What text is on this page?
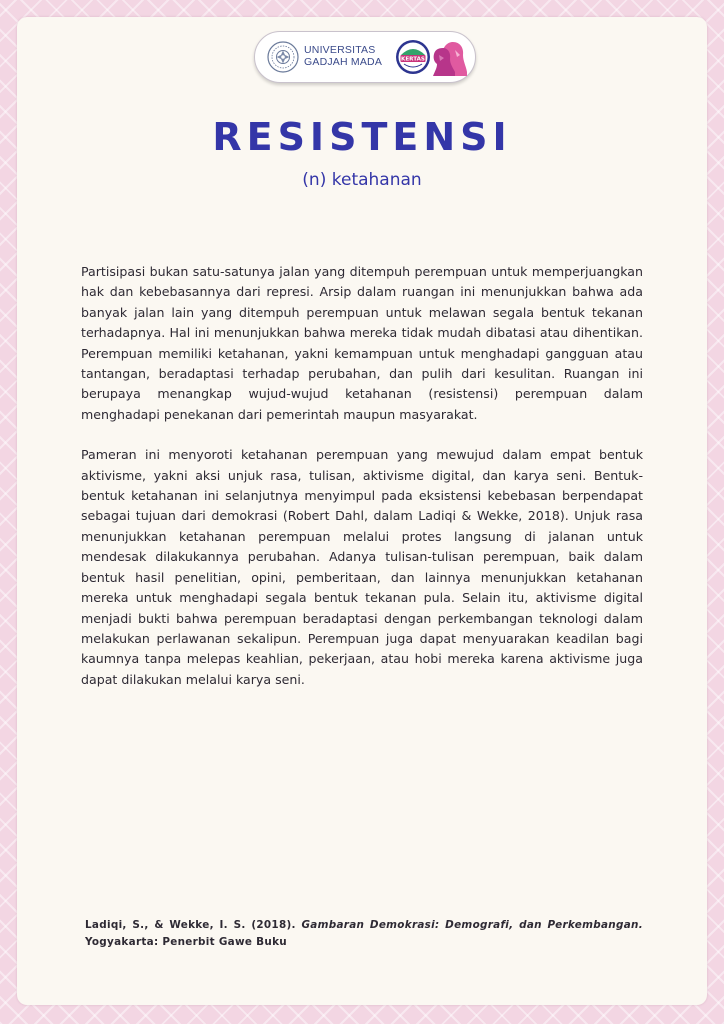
UNIVERSITAS
GADJAH MADA	KERTAS
RESISTENSI

(n) ketahanan

Partisipasi bukan satu-satunya jalan yang ditempuh perempuan untuk memperjuangkan hak dan kebebasannya dari represi. Arsip dalam ruangan ini menunjukkan bahwa ada banyak jalan lain yang ditempuh perempuan untuk melawan segala bentuk tekanan terhadapnya. Hal ini menunjukkan bahwa mereka tidak mudah dibatasi atau dihentikan. Perempuan memiliki ketahanan, yakni kemampuan untuk menghadapi gangguan atau tantangan, beradaptasi terhadap perubahan, dan pulih dari kesulitan. Ruangan ini berupaya menangkap wujud-wujud ketahanan (resistensi) perempuan dalam menghadapi penekanan dari pemerintah maupun masyarakat.

Pameran ini menyoroti ketahanan perempuan yang mewujud dalam empat bentuk aktivisme, yakni aksi unjuk rasa, tulisan, aktivisme digital, dan karya seni. Bentuk-bentuk ketahanan ini selanjutnya menyimpul pada eksistensi kebebasan berpendapat sebagai tujuan dari demokrasi (Robert Dahl, dalam Ladiqi & Wekke, 2018). Unjuk rasa menunjukkan ketahanan perempuan melalui protes langsung di jalanan untuk mendesak dilakukannya perubahan. Adanya tulisan-tulisan perempuan, baik dalam bentuk hasil penelitian, opini, pemberitaan, dan lainnya menunjukkan ketahanan mereka untuk menghadapi segala bentuk tekanan pula. Selain itu, aktivisme digital menjadi bukti bahwa perempuan beradaptasi dengan perkembangan teknologi dalam melakukan perlawanan sekalipun. Perempuan juga dapat menyuarakan keadilan bagi kaumnya tanpa melepas keahlian, pekerjaan, atau hobi mereka karena aktivisme juga dapat dilakukan melalui karya seni.

Ladiqi, S., & Wekke, I. S. (2018). Gambaran Demokrasi: Demografi, dan Perkembangan. Yogyakarta: Penerbit Gawe Buku
